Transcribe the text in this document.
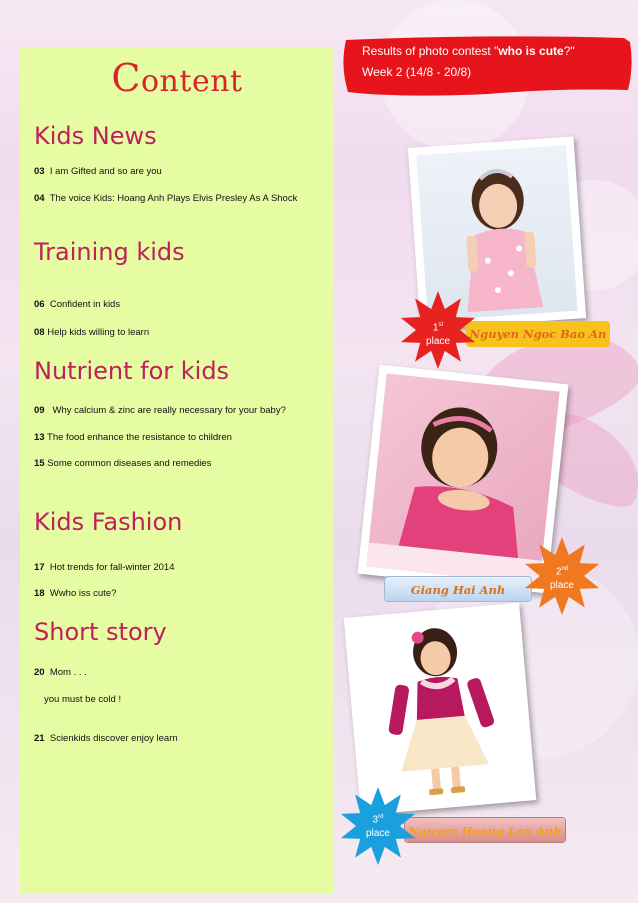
Content
Kids News
03 I am Gifted and so are you
04 The voice Kids: Hoang Anh Plays Elvis Presley As A Shock
Training kids
06 Confident in kids
08 Help kids willing to learn
Nutrient for kids
09 Why calcium & zinc are really necessary for your baby?
13 The food enhance the resistance to children
15 Some common diseases and remedies
Kids Fashion
17 Hot trends for fall-winter 2014
18 Wwho iss cute?
Short story
20 Mom . . .
you must be cold !
21 Scienkids discover enjoy learn
Results of photo contest "who is cute?"
Week 2 (14/8 - 20/8)
Nguyen Ngoc Bao An
Giang Hai Anh
Nguyen Hoang Lan Anh
1st
place
2nd
place
3rd
place
